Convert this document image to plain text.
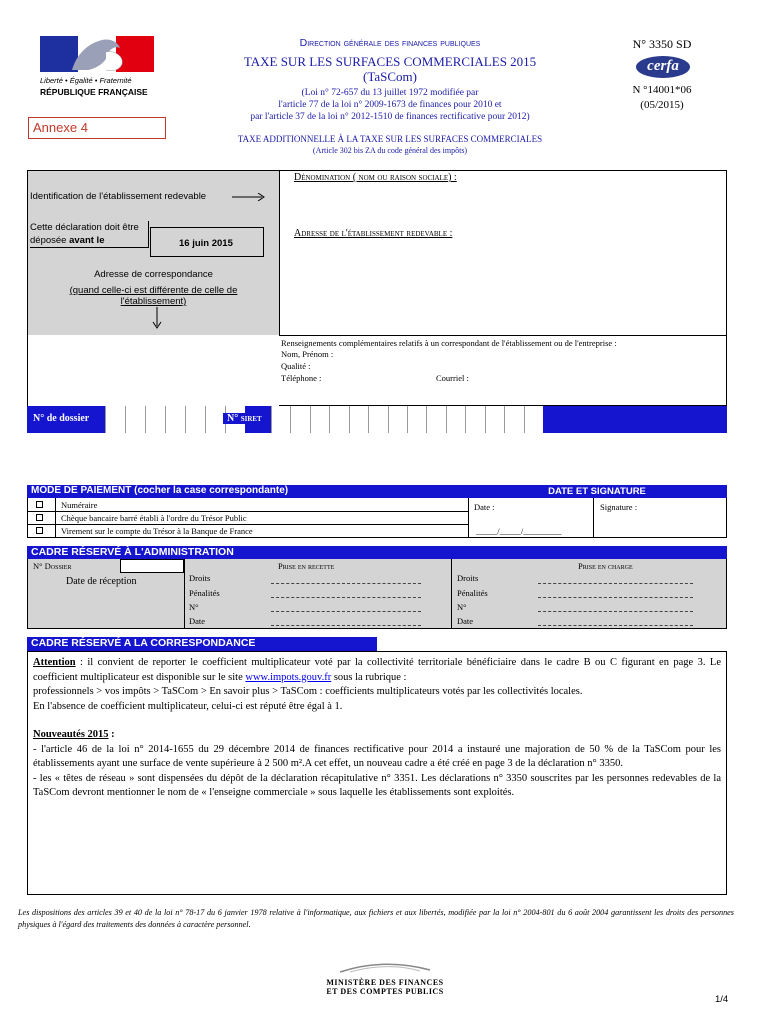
Liberté • Égalité • Fraternité
RÉPUBLIQUE FRANÇAISE
Direction générale des finances publiques
TAXE SUR LES SURFACES COMMERCIALES 2015
(TaSCom)
(Loi n° 72-657 du 13 juillet 1972 modifiée par
l'article 77 de la loi n° 2009-1673 de finances pour 2010 et
par l'article 37 de la loi n° 2012-1510 de finances rectificative pour 2012)
TAXE ADDITIONNELLE À LA TAXE SUR LES SURFACES COMMERCIALES
(Article 302 bis ZA du code général des impôts)
Annexe 4
N° 3350 SD
cerfa
N °14001*06
(05/2015)
Identification de l'établissement redevable
Cette déclaration doit être
déposée avant le	16 juin 2015
Adresse de correspondance
(quand celle-ci est différente de celle de
l'établissement)
Dénomination ( nom ou raison sociale) :
Adresse de l'établissement redevable :
Renseignements complémentaires relatifs à un correspondant de l'établissement ou de l'entreprise :
Nom, Prénom :
Qualité :
Téléphone :	Courriel :
N° de dossier	N° siret
MODE DE PAIEMENT (cocher la case correspondante)	DATE ET SIGNATURE
Numéraire
Chèque bancaire barré établi à l'ordre du Trésor Public
Virement sur le compte du Trésor à la Banque de France
Date :
_____/_____/_________
Signature :
CADRE RÉSERVÉ À L'ADMINISTRATION
N° Dossier
Date de réception
Prise en recette	Prise en charge
Droits
Pénalités
N°
Date
Droits
Pénalités
N°
Date
CADRE RÉSERVÉ A LA CORRESPONDANCE

Attention : il convient de reporter le coefficient multiplicateur voté par la collectivité territoriale bénéficiaire dans le cadre B ou C figurant en page 3. Le coefficient multiplicateur est disponible sur le site www.impots.gouv.fr sous la rubrique :

professionnels > vos impôts > TaSCom > En savoir plus > TaSCom : coefficients multiplicateurs votés par les collectivités locales.

En l'absence de coefficient multiplicateur, celui-ci est réputé être égal à 1.

Nouveautés 2015 :

- l'article 46 de la loi n° 2014-1655 du 29 décembre 2014 de finances rectificative pour 2014 a instauré une majoration de 50 % de la TaSCom pour les établissements ayant une surface de vente supérieure à 2 500 m².A cet effet, un nouveau cadre a été créé en page 3 de la déclaration n° 3350.

- les « têtes de réseau » sont dispensées du dépôt de la déclaration récapitulative n° 3351. Les déclarations n° 3350 souscrites par les personnes redevables de la TaSCom devront mentionner le nom de « l'enseigne commerciale » sous laquelle les établissements sont exploités.

Les dispositions des articles 39 et 40 de la loi n° 78-17 du 6 janvier 1978 relative à l'informatique, aux fichiers et aux libertés, modifiée par la loi n° 2004-801 du 6 août 2004 garantissent les droits des personnes physiques à l'égard des traitements des données à caractère personnel.
MINISTÈRE DES FINANCES
ET DES COMPTES PUBLICS
1/4
